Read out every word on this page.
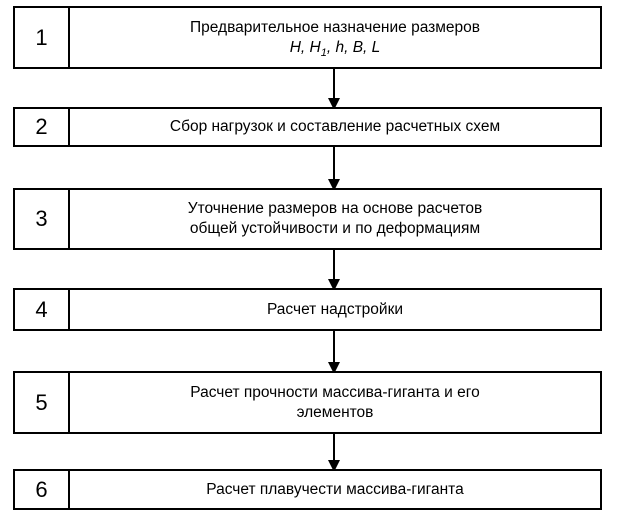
1	Предварительное назначение размеров
H, $H_1$, h, B, L
2	Сбор нагрузок и составление расчетных схем
3	Уточнение размеров на основе расчетов
общей устойчивости и по деформациям
4	Расчет надстройки
5	Расчет прочности массива-гиганта и его
элементов
6	Расчет плавучести массива-гиганта
